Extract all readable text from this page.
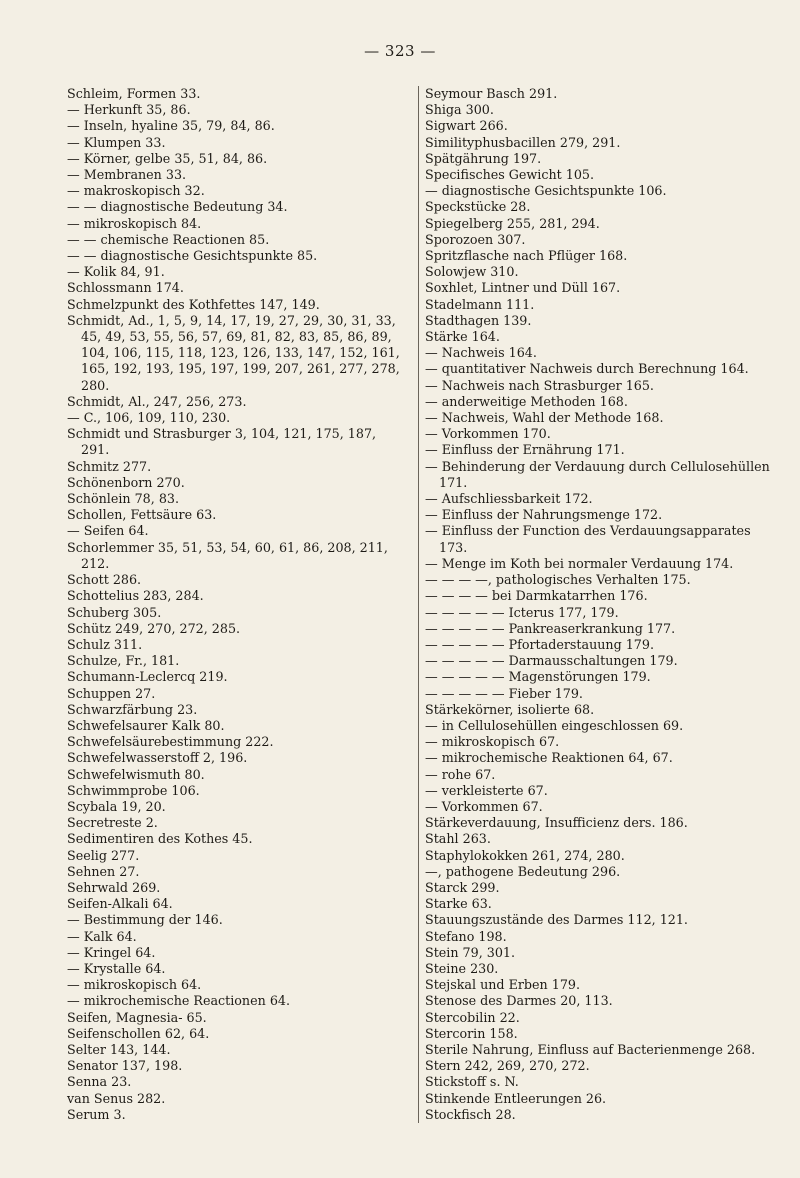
— 323 —
Schleim, Formen 33.
— Herkunft 35, 86.
— Inseln, hyaline 35, 79, 84, 86.
— Klumpen 33.
— Körner, gelbe 35, 51, 84, 86.
— Membranen 33.
— makroskopisch 32.
— — diagnostische Bedeutung 34.
— mikroskopisch 84.
— — chemische Reactionen 85.
— — diagnostische Gesichtspunkte 85.
— Kolik 84, 91.
Schlossmann 174.
Schmelzpunkt des Kothfettes 147, 149.
Schmidt, Ad., 1, 5, 9, 14, 17, 19, 27, 29, 30, 31, 33, 45, 49, 53, 55, 56, 57, 69, 81, 82, 83, 85, 86, 89, 104, 106, 115, 118, 123, 126, 133, 147, 152, 161, 165, 192, 193, 195, 197, 199, 207, 261, 277, 278, 280.
Schmidt, Al., 247, 256, 273.
— C., 106, 109, 110, 230.
Schmidt und Strasburger 3, 104, 121, 175, 187, 291.
Schmitz 277.
Schönenborn 270.
Schönlein 78, 83.
Schollen, Fettsäure 63.
— Seifen 64.
Schorlemmer 35, 51, 53, 54, 60, 61, 86, 208, 211, 212.
Schott 286.
Schottelius 283, 284.
Schuberg 305.
Schütz 249, 270, 272, 285.
Schulz 311.
Schulze, Fr., 181.
Schumann-Leclercq 219.
Schuppen 27.
Schwarzfärbung 23.
Schwefelsaurer Kalk 80.
Schwefelsäurebestimmung 222.
Schwefelwasserstoff 2, 196.
Schwefelwismuth 80.
Schwimmprobe 106.
Scybala 19, 20.
Secretreste 2.
Sedimentiren des Kothes 45.
Seelig 277.
Sehnen 27.
Sehrwald 269.
Seifen-Alkali 64.
— Bestimmung der 146.
— Kalk 64.
— Kringel 64.
— Krystalle 64.
— mikroskopisch 64.
— mikrochemische Reactionen 64.
Seifen, Magnesia- 65.
Seifenschollen 62, 64.
Selter 143, 144.
Senator 137, 198.
Senna 23.
van Senus 282.
Serum 3.
Seymour Basch 291.
Shiga 300.
Sigwart 266.
Similityphusbacillen 279, 291.
Spätgährung 197.
Specifisches Gewicht 105.
— diagnostische Gesichtspunkte 106.
Speckstücke 28.
Spiegelberg 255, 281, 294.
Sporozoen 307.
Spritzflasche nach Pflüger 168.
Solowjew 310.
Soxhlet, Lintner und Düll 167.
Stadelmann 111.
Stadthagen 139.
Stärke 164.
— Nachweis 164.
— quantitativer Nachweis durch Berechnung 164.
— Nachweis nach Strasburger 165.
— anderweitige Methoden 168.
— Nachweis, Wahl der Methode 168.
— Vorkommen 170.
— Einfluss der Ernährung 171.
— Behinderung der Verdauung durch Cellulosehüllen 171.
— Aufschliessbarkeit 172.
— Einfluss der Nahrungsmenge 172.
— Einfluss der Function des Verdauungsapparates 173.
— Menge im Koth bei normaler Verdauung 174.
— — — —, pathologisches Verhalten 175.
— — — — bei Darmkatarrhen 176.
— — — — — Icterus 177, 179.
— — — — — Pankreaserkrankung 177.
— — — — — Pfortaderstauung 179.
— — — — — Darmausschaltungen 179.
— — — — — Magenstörungen 179.
— — — — — Fieber 179.
Stärkekörner, isolierte 68.
— in Cellulosehüllen eingeschlossen 69.
— mikroskopisch 67.
— mikrochemische Reaktionen 64, 67.
— rohe 67.
— verkleisterte 67.
— Vorkommen 67.
Stärkeverdauung, Insufficienz ders. 186.
Stahl 263.
Staphylokokken 261, 274, 280.
—, pathogene Bedeutung 296.
Starck 299.
Starke 63.
Stauungszustände des Darmes 112, 121.
Stefano 198.
Stein 79, 301.
Steine 230.
Stejskal und Erben 179.
Stenose des Darmes 20, 113.
Stercobilin 22.
Stercorin 158.
Sterile Nahrung, Einfluss auf Bacterienmenge 268.
Stern 242, 269, 270, 272.
Stickstoff s. N.
Stinkende Entleerungen 26.
Stockfisch 28.
